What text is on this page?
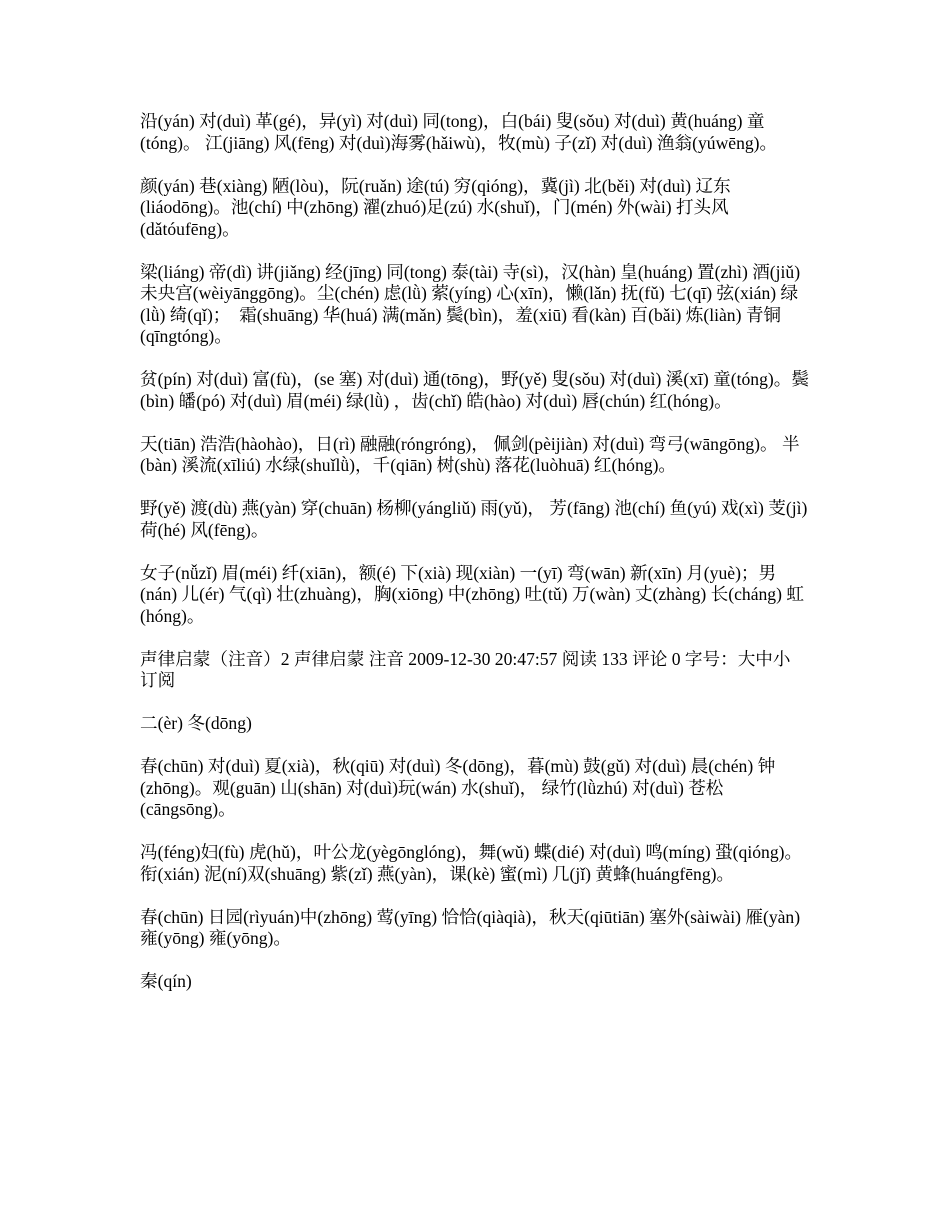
沿(yán) 对(duì) 革(gé)，异(yì) 对(duì) 同(tong)，白(bái) 叟(sǒu) 对(duì) 黄(huáng) 童(tóng)。 江(jiāng) 风(fēng) 对(duì)海雾(hǎiwù)，牧(mù) 子(zǐ) 对(duì) 渔翁(yúwēng)。

颜(yán) 巷(xiàng) 陋(lòu)，阮(ruǎn) 途(tú) 穷(qióng)，冀(jì) 北(běi) 对(duì) 辽东(liáodōng)。池(chí) 中(zhōng) 濯(zhuó)足(zú) 水(shuǐ)，门(mén) 外(wài) 打头风(dǎtóufēng)。

梁(liáng) 帝(dì) 讲(jiǎng) 经(jīng) 同(tong) 泰(tài) 寺(sì)，汉(hàn) 皇(huáng) 置(zhì) 酒(jiǔ) 未央宫(wèiyānggōng)。尘(chén) 虑(lǜ) 萦(yíng) 心(xīn)，懒(lǎn) 抚(fǔ) 七(qī) 弦(xián) 绿(lǜ) 绮(qǐ)；  霜(shuāng) 华(huá) 满(mǎn) 鬓(bìn)，羞(xiū) 看(kàn) 百(bǎi) 炼(liàn) 青铜(qīngtóng)。

贫(pín) 对(duì) 富(fù)，(se 塞) 对(duì) 通(tōng)，野(yě) 叟(sǒu) 对(duì) 溪(xī) 童(tóng)。鬓(bìn) 皤(pó) 对(duì) 眉(méi) 绿(lǜ) ，齿(chǐ) 皓(hào) 对(duì) 唇(chún) 红(hóng)。

天(tiān) 浩浩(hàohào)，日(rì) 融融(róngróng)， 佩剑(pèijiàn) 对(duì) 弯弓(wāngōng)。 半(bàn) 溪流(xīliú) 水绿(shuǐlǜ)，千(qiān) 树(shù) 落花(luòhuā) 红(hóng)。

野(yě) 渡(dù) 燕(yàn) 穿(chuān) 杨柳(yángliǔ) 雨(yǔ)， 芳(fāng) 池(chí) 鱼(yú) 戏(xì) 芰(jì) 荷(hé) 风(fēng)。

女子(nǚzǐ) 眉(méi) 纤(xiān)，额(é) 下(xià) 现(xiàn) 一(yī) 弯(wān) 新(xīn) 月(yuè)；男(nán) 儿(ér) 气(qì) 壮(zhuàng)，胸(xiōng) 中(zhōng) 吐(tǔ) 万(wàn) 丈(zhàng) 长(cháng) 虹(hóng)。

声律启蒙（注音）2 声律启蒙 注音 2009-12-30 20:47:57 阅读 133 评论 0 字号：大中小 订阅

二(èr) 冬(dōng)

春(chūn) 对(duì) 夏(xià)，秋(qiū) 对(duì) 冬(dōng)，暮(mù) 鼓(gǔ) 对(duì) 晨(chén) 钟(zhōng)。观(guān) 山(shān) 对(duì)玩(wán) 水(shuǐ)， 绿竹(lǜzhú) 对(duì) 苍松(cāngsōng)。

冯(féng)妇(fù) 虎(hǔ)，叶公龙(yègōnglóng)，舞(wǔ) 蝶(dié) 对(duì) 鸣(míng) 蛩(qióng)。衔(xián) 泥(ní)双(shuāng) 紫(zǐ) 燕(yàn)，课(kè) 蜜(mì) 几(jǐ) 黄蜂(huángfēng)。

春(chūn) 日园(rìyuán)中(zhōng) 莺(yīng) 恰恰(qiàqià)，秋天(qiūtiān) 塞外(sàiwài) 雁(yàn) 雍(yōng) 雍(yōng)。

秦(qín)
